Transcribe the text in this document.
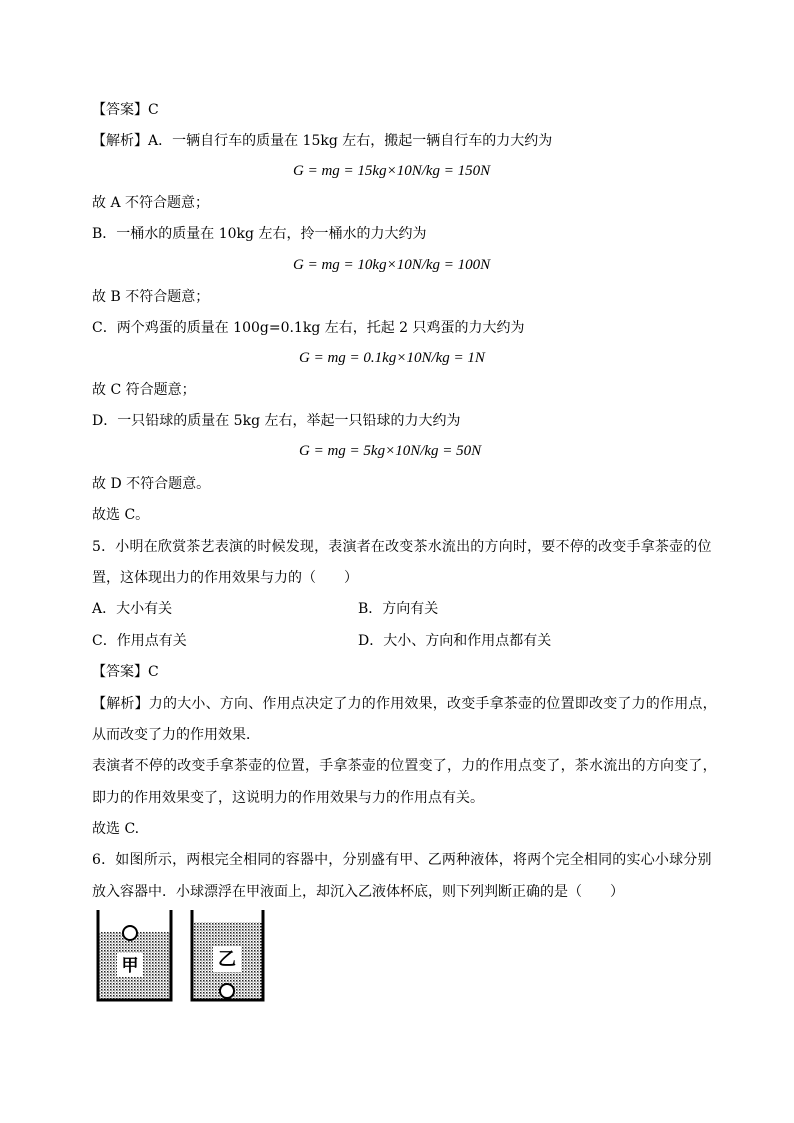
【答案】C
【解析】A．一辆自行车的质量在 15kg 左右，搬起一辆自行车的力大约为
G = mg = 15kg×10N/kg = 150N
故 A 不符合题意；
B．一桶水的质量在 10kg 左右，拎一桶水的力大约为
G = mg = 10kg×10N/kg = 100N
故 B 不符合题意；
C．两个鸡蛋的质量在 100g=0.1kg 左右，托起 2 只鸡蛋的力大约为
G = mg = 0.1kg×10N/kg = 1N
故 C 符合题意；
D．一只铅球的质量在 5kg 左右，举起一只铅球的力大约为
G = mg = 5kg×10N/kg = 50N
故 D 不符合题意。
故选 C。
5．小明在欣赏茶艺表演的时候发现，表演者在改变茶水流出的方向时，要不停的改变手拿茶壶的位
置，这体现出力的作用效果与力的（　　）
A．大小有关	B．方向有关
C．作用点有关	D．大小、方向和作用点都有关
【答案】C
【解析】力的大小、方向、作用点决定了力的作用效果，改变手拿茶壶的位置即改变了力的作用点，
从而改变了力的作用效果．
表演者不停的改变手拿茶壶的位置，手拿茶壶的位置变了，力的作用点变了，茶水流出的方向变了，
即力的作用效果变了，这说明力的作用效果与力的作用点有关。
故选 C.
6．如图所示，两根完全相同的容器中，分别盛有甲、乙两种液体，将两个完全相同的实心小球分别
放入容器中．小球漂浮在甲液面上，却沉入乙液体杯底，则下列判断正确的是（　　）
甲	乙
